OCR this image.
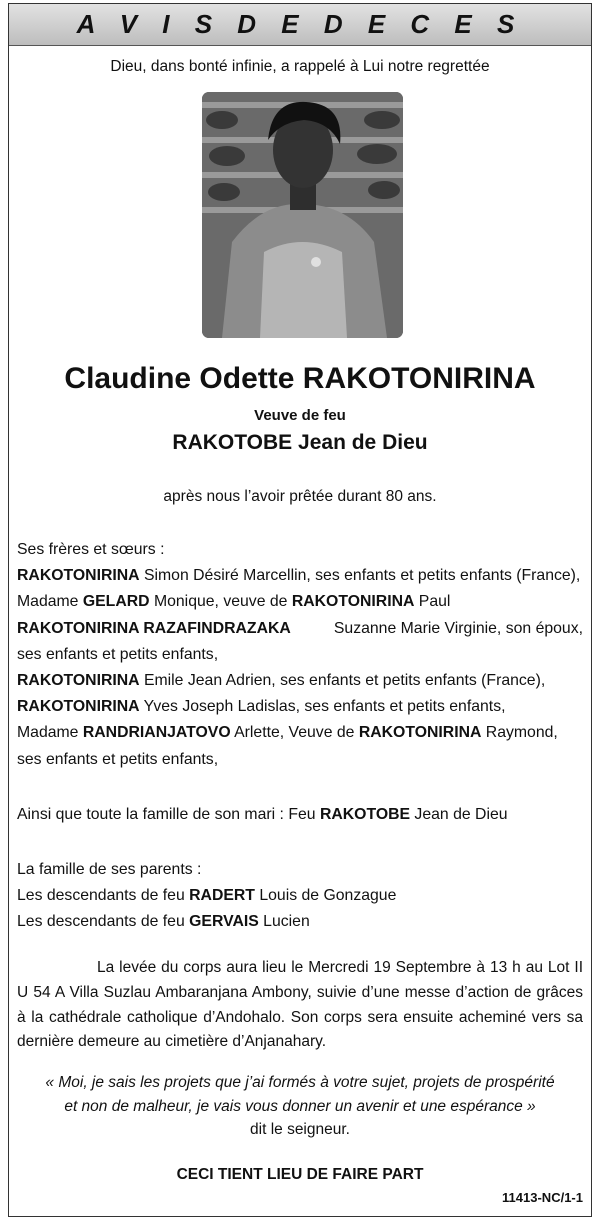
A V I S D E D E C E S
Dieu, dans bonté infinie, a rappelé à Lui notre regrettée
Claudine Odette RAKOTONIRINA
Veuve de feu
RAKOTOBE Jean de Dieu
après nous l’avoir prêtée durant 80 ans.
Ses frères et sœurs :
RAKOTONIRINA Simon Désiré Marcellin, ses enfants et petits enfants (France),
Madame GELARD Monique, veuve de RAKOTONIRINA Paul
RAKOTONIRINA RAZAFINDRAZAKA	Suzanne Marie Virginie, son époux,
ses enfants et petits enfants,
RAKOTONIRINA Emile Jean Adrien, ses enfants et petits enfants (France),
RAKOTONIRINA Yves Joseph Ladislas, ses enfants et petits enfants,
Madame RANDRIANJATOVO Arlette, Veuve de RAKOTONIRINA Raymond,
ses enfants et petits enfants,
Ainsi que toute la famille de son mari : Feu RAKOTOBE Jean de Dieu
La famille de ses parents :
Les descendants de feu RADERT Louis de Gonzague
Les descendants de feu GERVAIS Lucien
La levée du corps aura lieu le Mercredi 19 Septembre à 13 h au Lot II U 54 A Villa Suzlau Ambaranjana Ambony, suivie d’une messe d’action de grâces à la cathédrale catholique d’Andohalo. Son corps sera ensuite acheminé vers sa dernière demeure au cimetière d’Anjanahary.
« Moi, je sais les projets que j’ai formés à votre sujet, projets de prospérité
et non de malheur, je vais vous donner un avenir et une espérance »
dit le seigneur.
CECI TIENT LIEU DE FAIRE PART
11413-NC/1-1
